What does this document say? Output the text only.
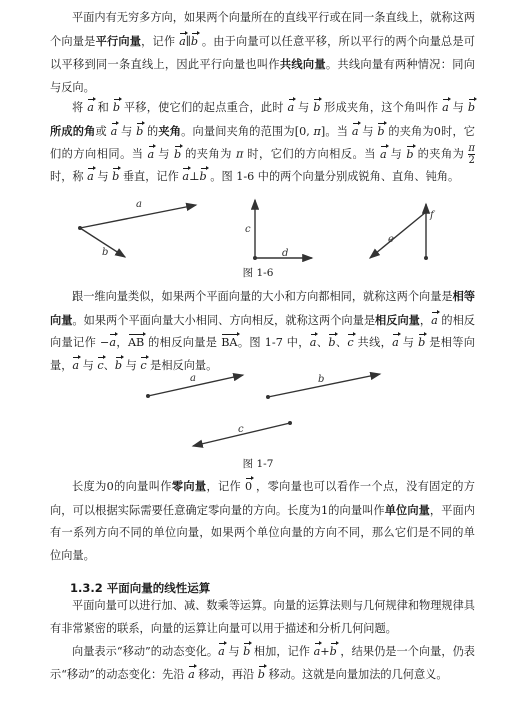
平面内有无穷多方向，如果两个向量所在的直线平行或在同一条直线上，就称这两个向量是平行向量，记作 a∥b 。由于向量可以任意平移，所以平行的两个向量总是可以平移到同一条直线上，因此平行向量也叫作共线向量。共线向量有两种情况：同向与反向。

将 a 和 b 平移，使它们的起点重合，此时 a 与 b 形成夹角，这个角叫作 a 与 b 所成的角或 a 与 b 的夹角。向量间夹角的范围为[0, π]。当 a 与 b 的夹角为0时，它们的方向相同。当 a 与 b 的夹角为 π 时，它们的方向相反。当 a 与 b 的夹角为 $\frac{\pi}{2}$
时，称 a 与 b 垂直，记作 a⊥b 。图 1-6 中的两个向量分别成锐角、直角、钝角。

a
b
c
d
e
f
a	b
c
图 1-6

跟一维向量类似，如果两个平面向量的大小和方向都相同，就称这两个向量是相等向量。如果两个平面向量大小相同、方向相反，就称这两个向量是相反向量，a 的相反向量记作 −a，AB 的相反向量是 BA。图 1-7 中，a、b、c 共线，a 与 b 是相等向量，a 与 c、b 与 c 是相反向量。

图 1-7

长度为0的向量叫作零向量，记作 0 ，零向量也可以看作一个点，没有固定的方向，可以根据实际需要任意确定零向量的方向。长度为1的向量叫作单位向量，平面内有一系列方向不同的单位向量，如果两个单位向量的方向不同，那么它们是不同的单位向量。

1.3.2 平面向量的线性运算

平面向量可以进行加、减、数乘等运算。向量的运算法则与几何规律和物理规律具有非常紧密的联系，向量的运算让向量可以用于描述和分析几何问题。

向量表示“移动”的动态变化。a 与 b 相加，记作 a+b ，结果仍是一个向量，仍表示“移动”的动态变化：先沿 a 移动，再沿 b 移动。这就是向量加法的几何意义。
